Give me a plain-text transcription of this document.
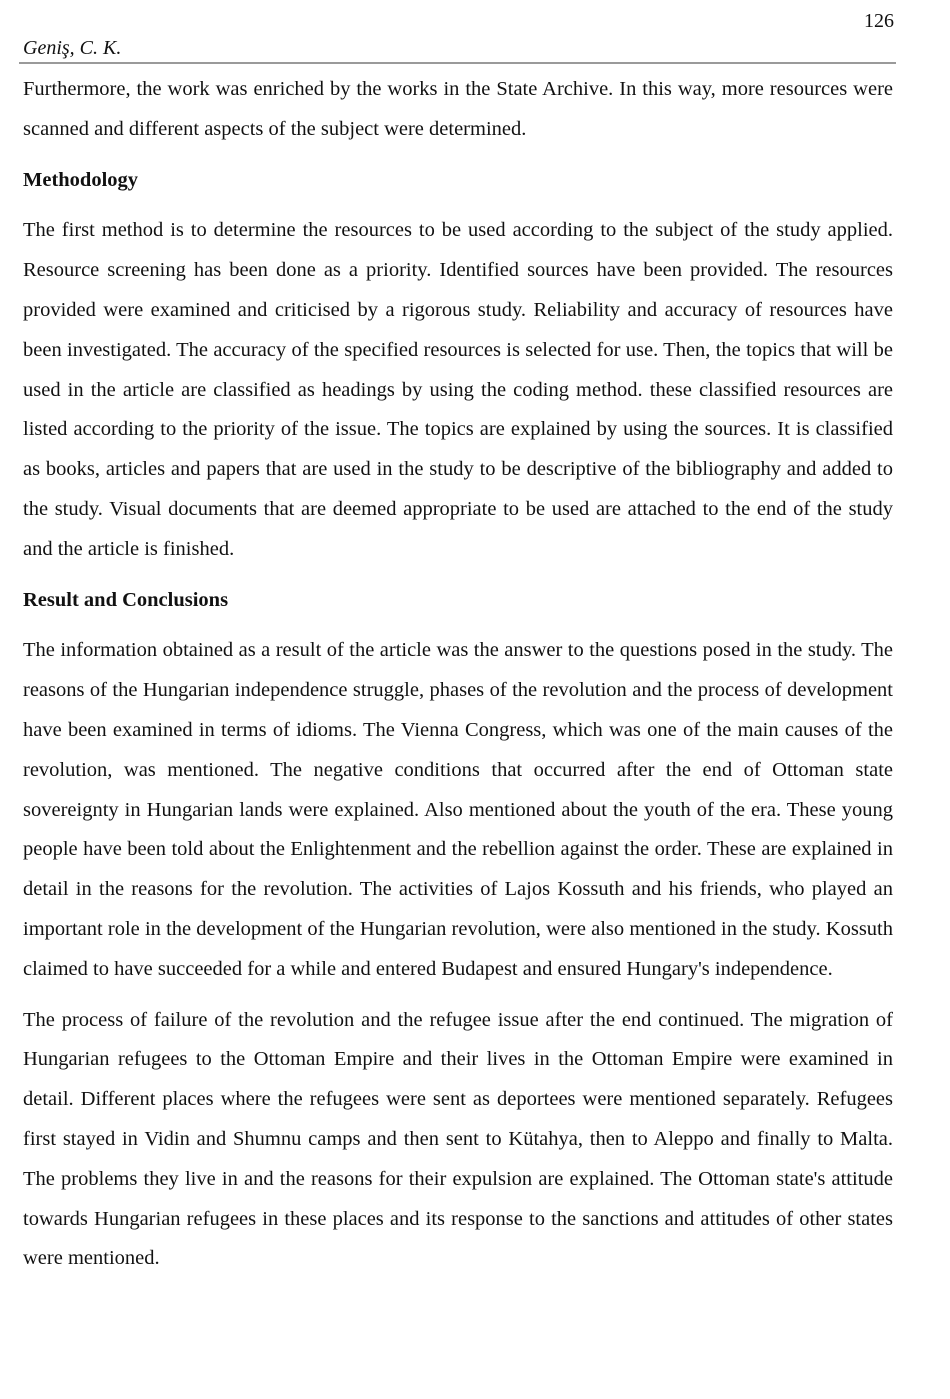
126
Geniş, C. K.

Furthermore, the work was enriched by the works in the State Archive. In this way, more resources were scanned and different aspects of the subject were determined.

Methodology

The first method is to determine the resources to be used according to the subject of the study applied. Resource screening has been done as a priority. Identified sources have been provided. The resources provided were examined and criticised by a rigorous study. Reliability and accuracy of resources have been investigated. The accuracy of the specified resources is selected for use. Then, the topics that will be used in the article are classified as headings by using the coding method. these classified resources are listed according to the priority of the issue. The topics are explained by using the sources. It is classified as books, articles and papers that are used in the study to be descriptive of the bibliography and added to the study. Visual documents that are deemed appropriate to be used are attached to the end of the study and the article is finished.

Result and Conclusions

The information obtained as a result of the article was the answer to the questions posed in the study. The reasons of the Hungarian independence struggle, phases of the revolution and the process of development have been examined in terms of idioms. The Vienna Congress, which was one of the main causes of the revolution, was mentioned. The negative conditions that occurred after the end of Ottoman state sovereignty in Hungarian lands were explained. Also mentioned about the youth of the era. These young people have been told about the Enlightenment and the rebellion against the order. These are explained in detail in the reasons for the revolution. The activities of Lajos Kossuth and his friends, who played an important role in the development of the Hungarian revolution, were also mentioned in the study. Kossuth claimed to have succeeded for a while and entered Budapest and ensured Hungary's independence.

The process of failure of the revolution and the refugee issue after the end continued. The migration of Hungarian refugees to the Ottoman Empire and their lives in the Ottoman Empire were examined in detail. Different places where the refugees were sent as deportees were mentioned separately. Refugees first stayed in Vidin and Shumnu camps and then sent to Kütahya, then to Aleppo and finally to Malta. The problems they live in and the reasons for their expulsion are explained. The Ottoman state's attitude towards Hungarian refugees in these places and its response to the sanctions and attitudes of other states were mentioned.
